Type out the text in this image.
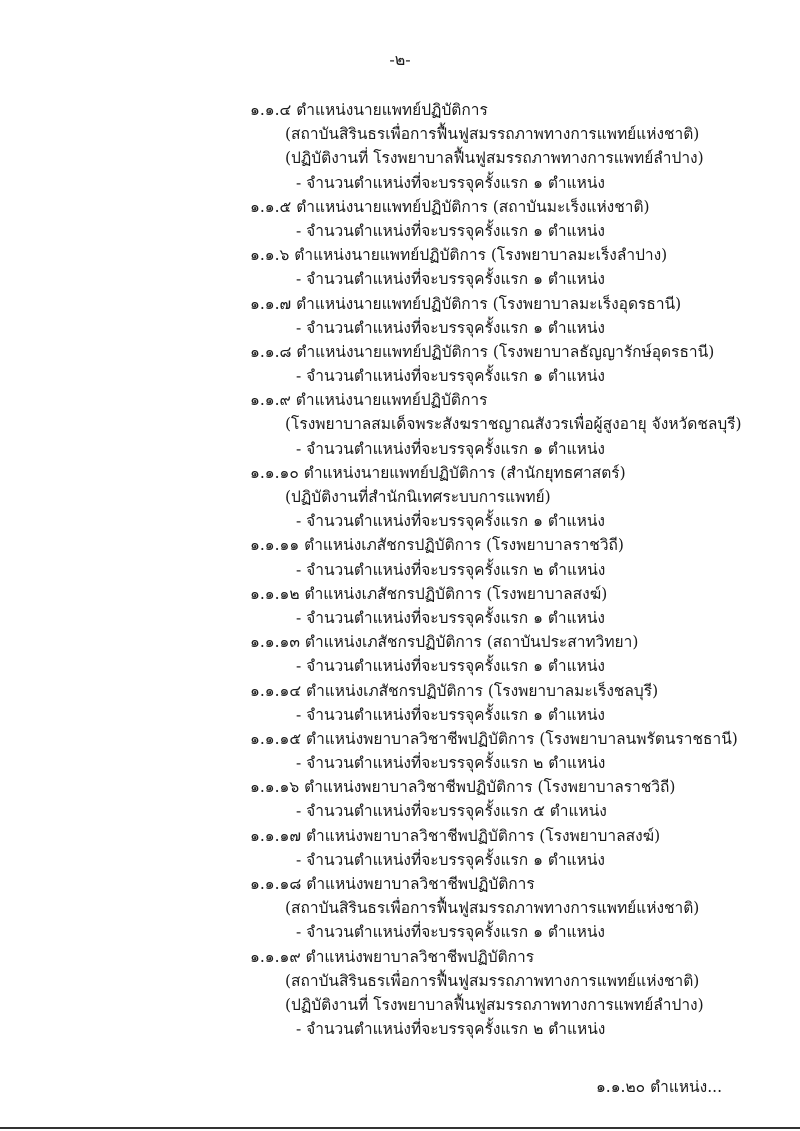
-๒-
๑.๑.๔ ตำแหน่งนายแพทย์ปฏิบัติการ
(สถาบันสิรินธรเพื่อการฟื้นฟูสมรรถภาพทางการแพทย์แห่งชาติ)
(ปฏิบัติงานที่ โรงพยาบาลฟื้นฟูสมรรถภาพทางการแพทย์ลำปาง)
- จำนวนตำแหน่งที่จะบรรจุครั้งแรก ๑ ตำแหน่ง
๑.๑.๕ ตำแหน่งนายแพทย์ปฏิบัติการ (สถาบันมะเร็งแห่งชาติ)
- จำนวนตำแหน่งที่จะบรรจุครั้งแรก ๑ ตำแหน่ง
๑.๑.๖ ตำแหน่งนายแพทย์ปฏิบัติการ (โรงพยาบาลมะเร็งลำปาง)
- จำนวนตำแหน่งที่จะบรรจุครั้งแรก ๑ ตำแหน่ง
๑.๑.๗ ตำแหน่งนายแพทย์ปฏิบัติการ (โรงพยาบาลมะเร็งอุดรธานี)
- จำนวนตำแหน่งที่จะบรรจุครั้งแรก ๑ ตำแหน่ง
๑.๑.๘ ตำแหน่งนายแพทย์ปฏิบัติการ (โรงพยาบาลธัญญารักษ์อุดรธานี)
- จำนวนตำแหน่งที่จะบรรจุครั้งแรก ๑ ตำแหน่ง
๑.๑.๙ ตำแหน่งนายแพทย์ปฏิบัติการ
(โรงพยาบาลสมเด็จพระสังฆราชญาณสังวรเพื่อผู้สูงอายุ จังหวัดชลบุรี)
- จำนวนตำแหน่งที่จะบรรจุครั้งแรก ๑ ตำแหน่ง
๑.๑.๑๐ ตำแหน่งนายแพทย์ปฏิบัติการ (สำนักยุทธศาสตร์)
(ปฏิบัติงานที่สำนักนิเทศระบบการแพทย์)
- จำนวนตำแหน่งที่จะบรรจุครั้งแรก ๑ ตำแหน่ง
๑.๑.๑๑ ตำแหน่งเภสัชกรปฏิบัติการ (โรงพยาบาลราชวิถี)
- จำนวนตำแหน่งที่จะบรรจุครั้งแรก ๒ ตำแหน่ง
๑.๑.๑๒ ตำแหน่งเภสัชกรปฏิบัติการ (โรงพยาบาลสงฆ์)
- จำนวนตำแหน่งที่จะบรรจุครั้งแรก ๑ ตำแหน่ง
๑.๑.๑๓ ตำแหน่งเภสัชกรปฏิบัติการ (สถาบันประสาทวิทยา)
- จำนวนตำแหน่งที่จะบรรจุครั้งแรก ๑ ตำแหน่ง
๑.๑.๑๔ ตำแหน่งเภสัชกรปฏิบัติการ (โรงพยาบาลมะเร็งชลบุรี)
- จำนวนตำแหน่งที่จะบรรจุครั้งแรก ๑ ตำแหน่ง
๑.๑.๑๕ ตำแหน่งพยาบาลวิชาชีพปฏิบัติการ (โรงพยาบาลนพรัตนราชธานี)
- จำนวนตำแหน่งที่จะบรรจุครั้งแรก ๒ ตำแหน่ง
๑.๑.๑๖ ตำแหน่งพยาบาลวิชาชีพปฏิบัติการ (โรงพยาบาลราชวิถี)
- จำนวนตำแหน่งที่จะบรรจุครั้งแรก ๕ ตำแหน่ง
๑.๑.๑๗ ตำแหน่งพยาบาลวิชาชีพปฏิบัติการ (โรงพยาบาลสงฆ์)
- จำนวนตำแหน่งที่จะบรรจุครั้งแรก ๑ ตำแหน่ง
๑.๑.๑๘ ตำแหน่งพยาบาลวิชาชีพปฏิบัติการ
(สถาบันสิรินธรเพื่อการฟื้นฟูสมรรถภาพทางการแพทย์แห่งชาติ)
- จำนวนตำแหน่งที่จะบรรจุครั้งแรก ๑ ตำแหน่ง
๑.๑.๑๙ ตำแหน่งพยาบาลวิชาชีพปฏิบัติการ
(สถาบันสิรินธรเพื่อการฟื้นฟูสมรรถภาพทางการแพทย์แห่งชาติ)
(ปฏิบัติงานที่ โรงพยาบาลฟื้นฟูสมรรถภาพทางการแพทย์ลำปาง)
- จำนวนตำแหน่งที่จะบรรจุครั้งแรก ๒ ตำแหน่ง
๑.๑.๒๐ ตำแหน่ง...
